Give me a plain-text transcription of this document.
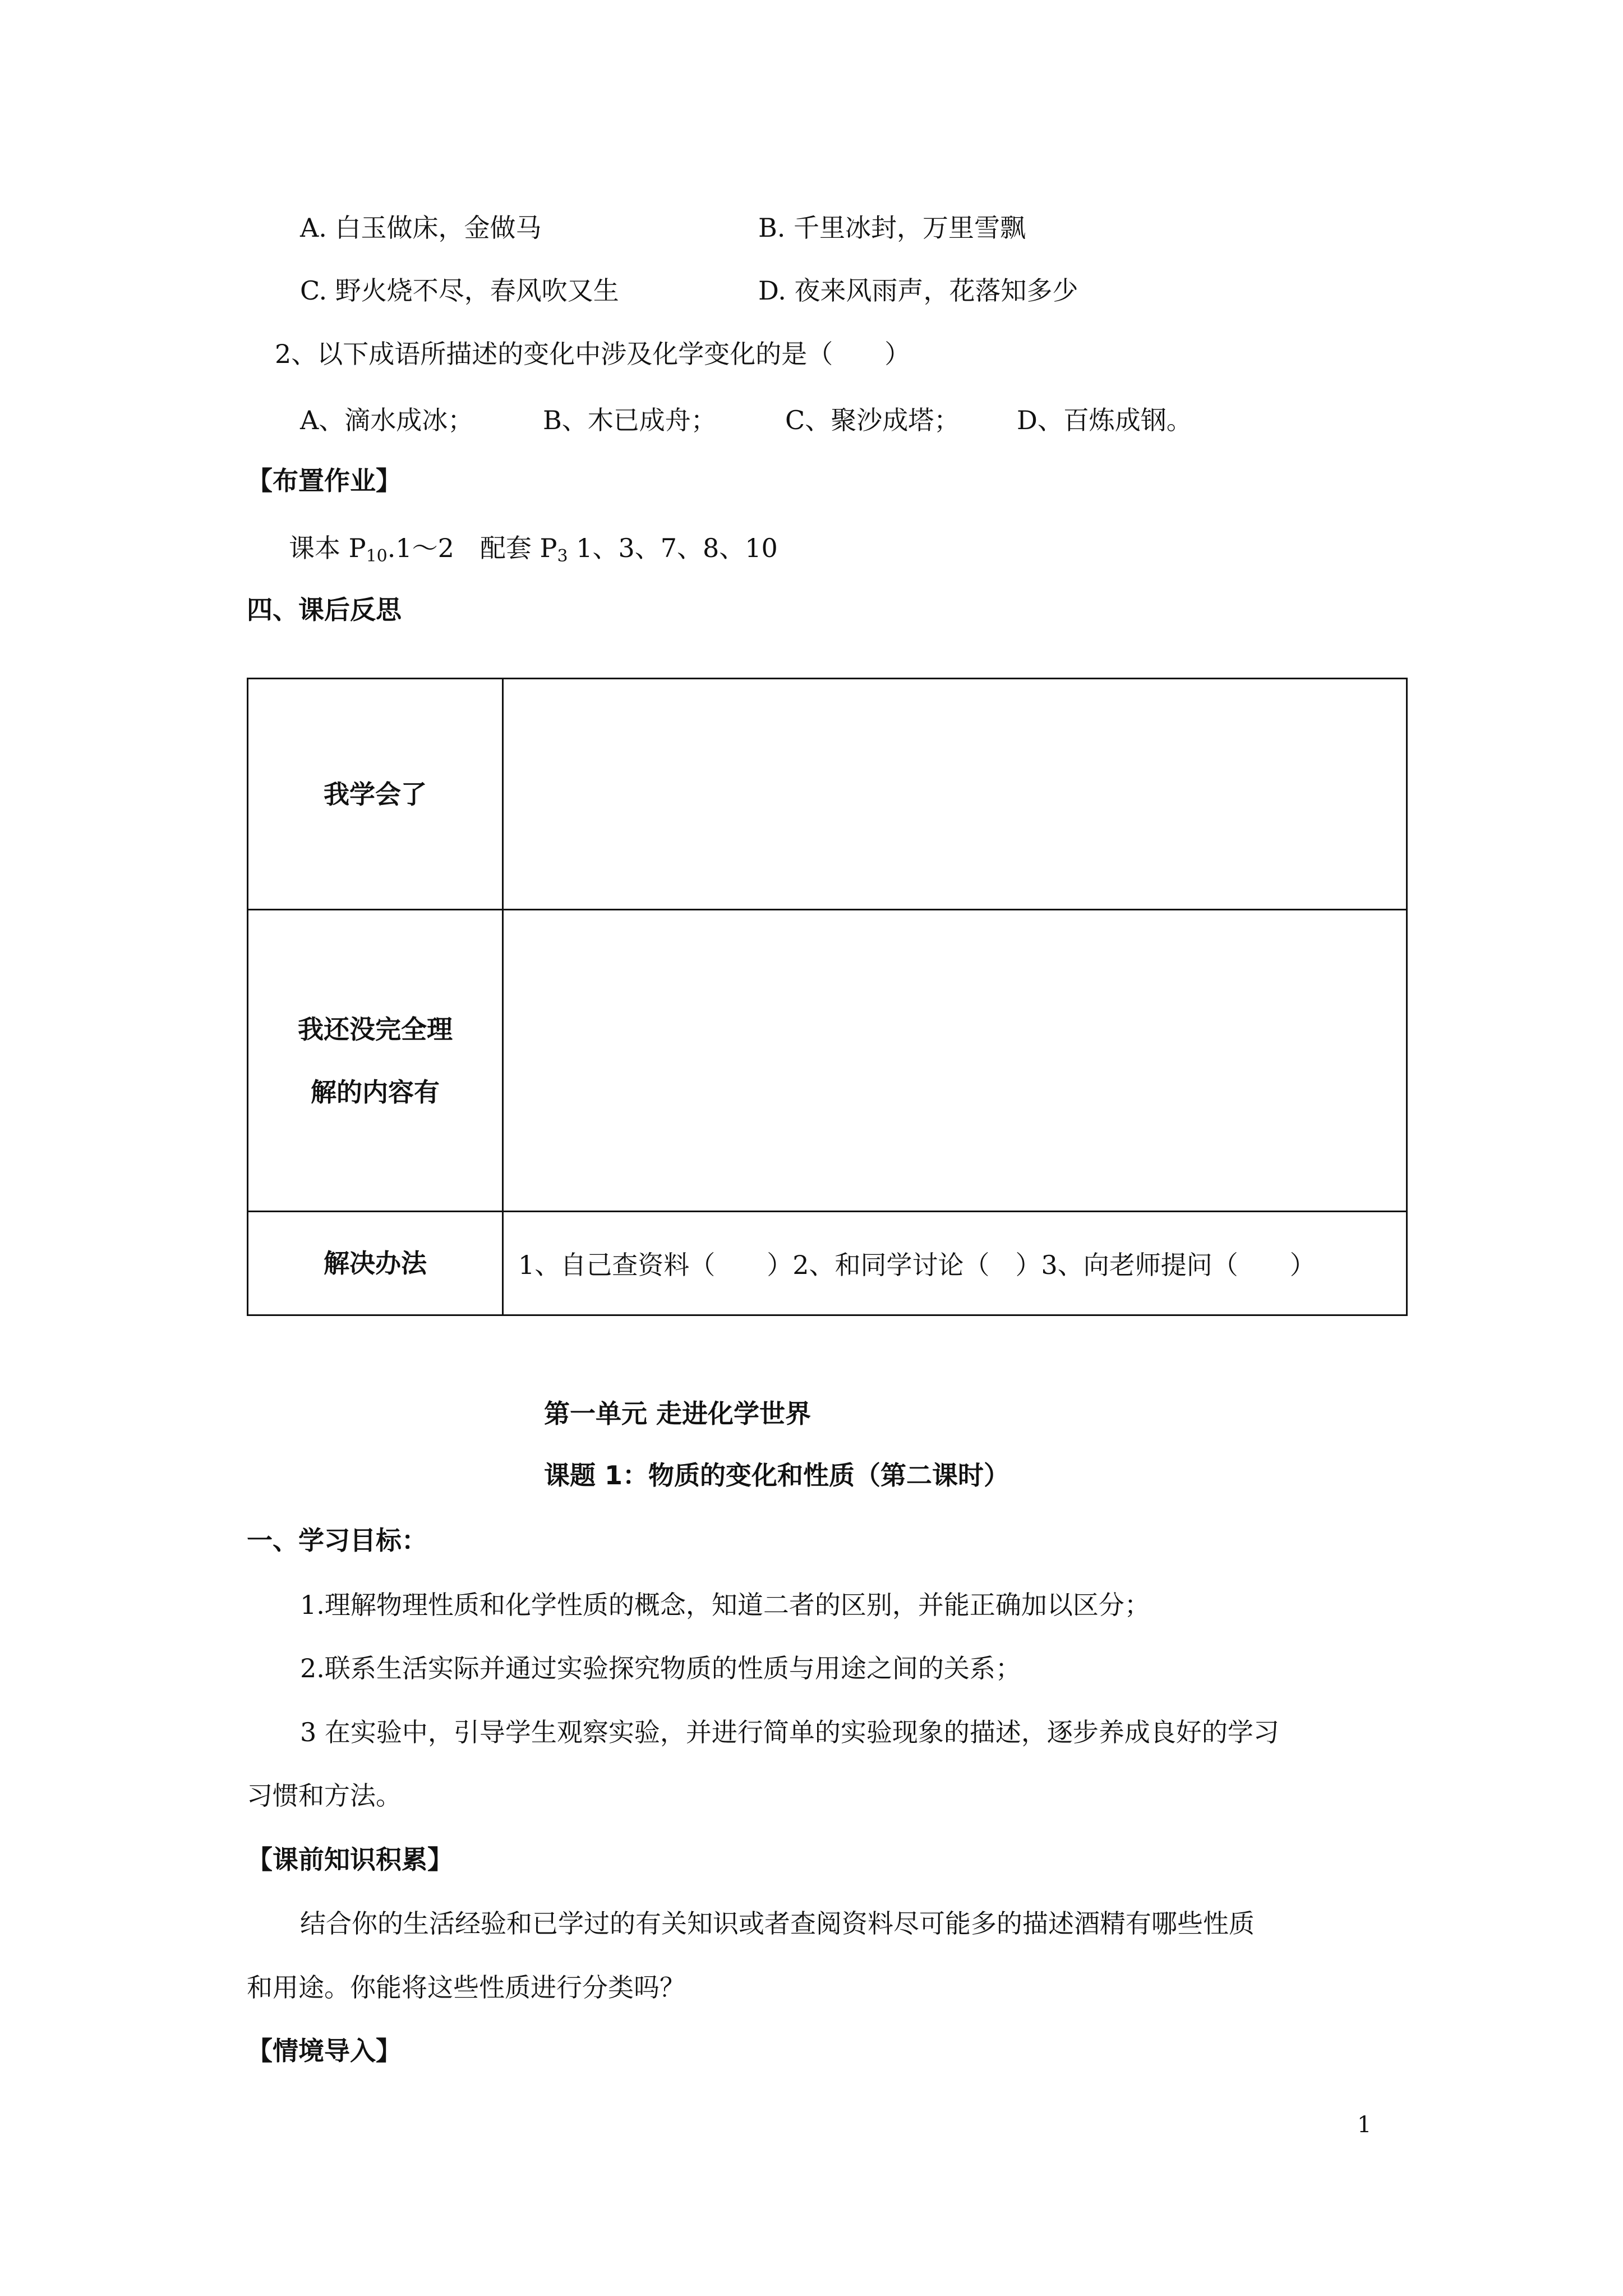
A. 白玉做床，金做马	B. 千里冰封，万里雪飘
C. 野火烧不尽，春风吹又生	D. 夜来风雨声，花落知多少
2、以下成语所描述的变化中涉及化学变化的是（　　）
A、滴水成冰；	B、木已成舟；	C、聚沙成塔； D、百炼成钢。
【布置作业】
课本 $P_{10}.1\sim 2$　配套 $P_3$ 1、3、7、8、10
四、课后反思
我学会了	

我还没完全理
解的内容有	

解决办法	1、自己查资料（　　）2、和同学讨论（　）3、向老师提问（　　）
第一单元 走进化学世界
课题 1：物质的变化和性质（第二课时）
一、学习目标：
1.理解物理性质和化学性质的概念，知道二者的区别，并能正确加以区分；
2.联系生活实际并通过实验探究物质的性质与用途之间的关系；
3 在实验中，引导学生观察实验，并进行简单的实验现象的描述，逐步养成良好的学习
习惯和方法。
【课前知识积累】
结合你的生活经验和已学过的有关知识或者查阅资料尽可能多的描述酒精有哪些性质
和用途。你能将这些性质进行分类吗？
【情境导入】
1
